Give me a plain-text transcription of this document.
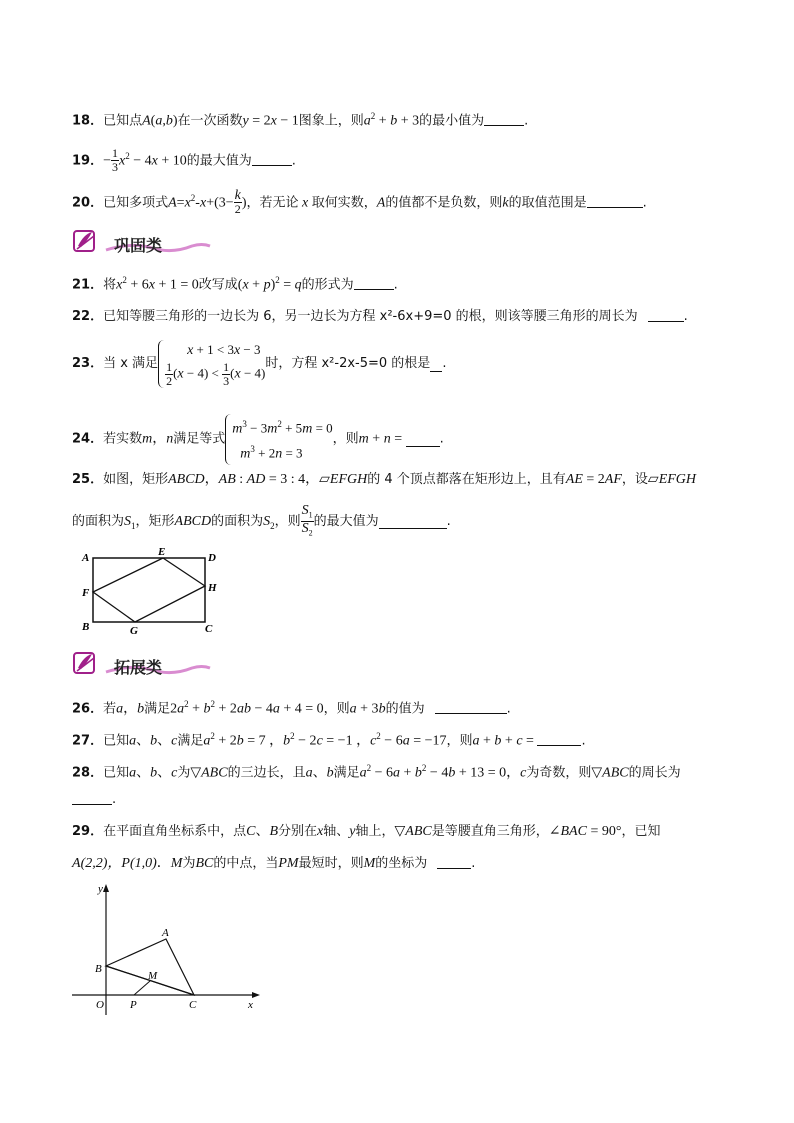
18．已知点A(a,b)在一次函数y = 2x − 1图象上，则$a^2 + b + 3$的最小值为	.
19．− $\frac{1}{3} x^2 - 4x + 10$的最大值为	.
20．已知多项式$A=x^2-x+(3- \frac{k}{2}$ )，若无论 x 取何实数，A的值都不是负数，则k的取值范围是	.
巩固类
21．将$x^2 + 6x + 1 = 0$改写成$(x + p)^2 = q$的形式为	.
22．已知等腰三角形的一边长为 6，另一边长为方程 x²-6x+9=0 的根，则该等腰三角形的周长为	.
23．当 x 满足
x + 1 < 3x − 3
$\frac{1}{2} (x - 4) < \frac{1}{3} (x - 4)$
时，方程 x²-2x-5=0 的根是 .
24．若实数m，n满足等式
$m^3 - 3m^2 + 5m = 0$
$m^3 + 2n = 3$
，则m + n =	.
25．如图，矩形ABCD，AB : AD = 3 : 4，▱EFGH的 4 个顶点都落在矩形边上，且有AE = 2AF，设▱EFGH
的面积为$S_1$，矩形ABCD的面积为$S_2$，则 $\frac{S_1}{S_2}$ 的最大值为	.
A	E	D
F	H
B	G	C
拓展类
26．若a，b满足$2a^2 + b^2 + 2ab - 4a + 4 = 0$，则a + 3b的值为	.
27．已知a、b、c满足$a^2 + 2b = 7$ ，$b^2 - 2c = -1$ ，$c^2 - 6a = -17$，则a + b + c =	.
28．已知a、b、c为▽ABC的三边长，且a、b满足$a^2 - 6a + b^2 - 4b + 13 = 0$，c为奇数，则▽ABC的周长为
.
29．在平面直角坐标系中，点C、B分别在x轴、y轴上，▽ABC是等腰直角三角形，∠BAC = 90°，已知
A(2,2)，P(1,0)．M为BC的中点，当PM最短时，则M的坐标为	.
y
x
A
B
M
O P	C
